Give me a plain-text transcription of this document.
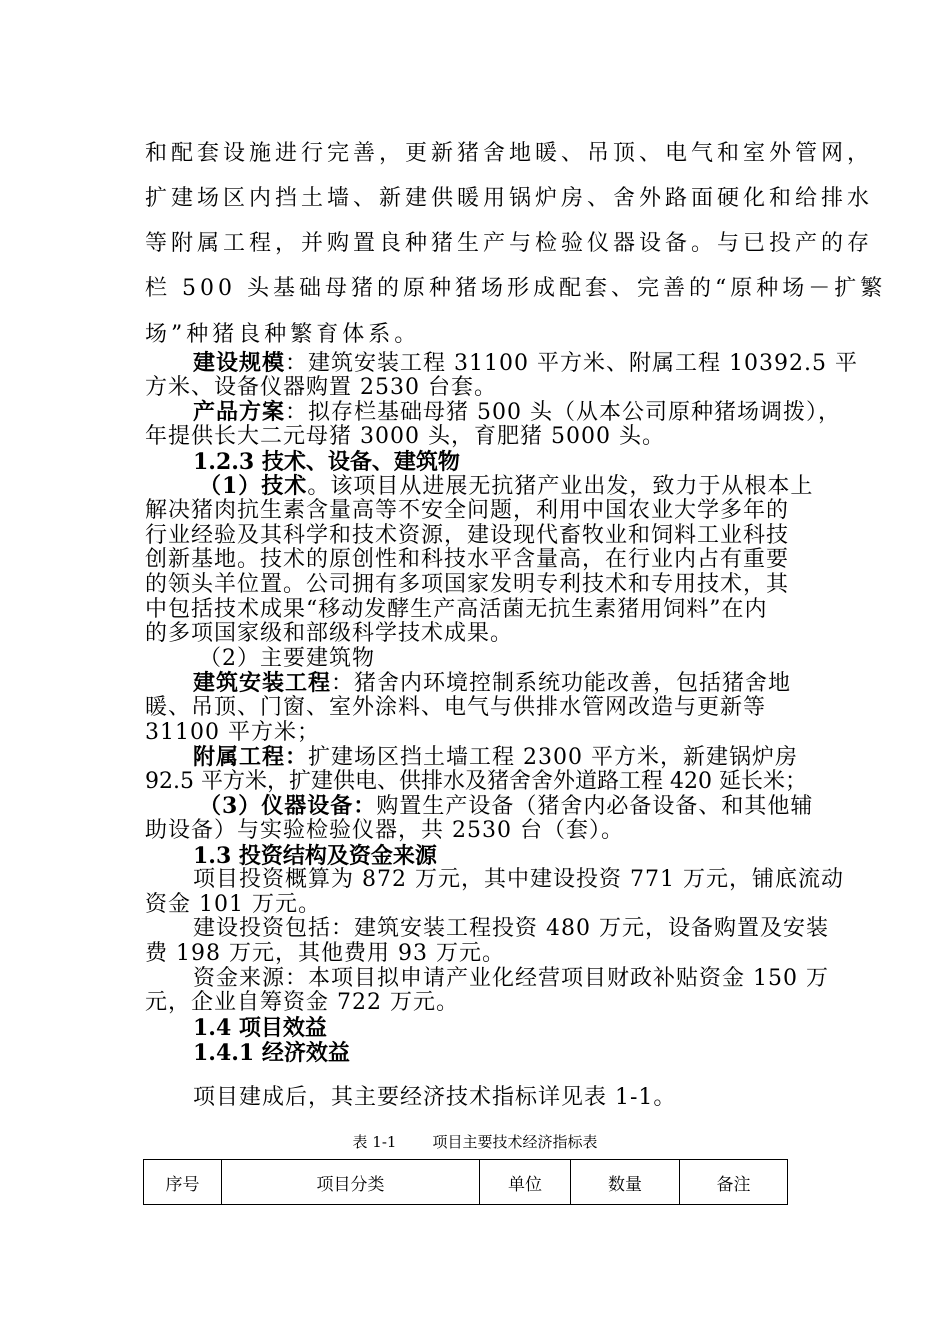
和配套设施进行完善，更新猪舍地暖、吊顶、电气和室外管网，
扩建场区内挡土墙、新建供暖用锅炉房、舍外路面硬化和给排水
等附属工程，并购置良种猪生产与检验仪器设备。与已投产的存
栏 500 头基础母猪的原种猪场形成配套、完善的“原种场－扩繁
场”种猪良种繁育体系。
建设规模：建筑安装工程 31100 平方米、附属工程 10392.5 平
方米、设备仪器购置 2530 台套。
产品方案：拟存栏基础母猪 500 头（从本公司原种猪场调拨），
年提供长大二元母猪 3000 头，育肥猪 5000 头。
1.2.3 技术、设备、建筑物
（1）技术。该项目从进展无抗猪产业出发，致力于从根本上
解决猪肉抗生素含量高等不安全问题，利用中国农业大学多年的
行业经验及其科学和技术资源，建设现代畜牧业和饲料工业科技
创新基地。技术的原创性和科技水平含量高，在行业内占有重要
的领头羊位置。公司拥有多项国家发明专利技术和专用技术，其
中包括技术成果“移动发酵生产高活菌无抗生素猪用饲料”在内
的多项国家级和部级科学技术成果。
（2）主要建筑物
建筑安装工程：猪舍内环境控制系统功能改善，包括猪舍地
暖、吊顶、门窗、室外涂料、电气与供排水管网改造与更新等
31100 平方米；
附属工程：扩建场区挡土墙工程 2300 平方米，新建锅炉房
92.5 平方米，扩建供电、供排水及猪舍舍外道路工程 420 延长米；
（3）仪器设备：购置生产设备（猪舍内必备设备、和其他辅
助设备）与实验检验仪器，共 2530 台（套）。
1.3 投资结构及资金来源
项目投资概算为 872 万元，其中建设投资 771 万元，铺底流动
资金 101 万元。
建设投资包括：建筑安装工程投资 480 万元，设备购置及安装
费 198 万元，其他费用 93 万元。
资金来源：本项目拟申请产业化经营项目财政补贴资金 150 万
元，企业自筹资金 722 万元。
1.4 项目效益
1.4.1 经济效益
项目建成后，其主要经济技术指标详见表 1-1。
表 1-1 项目主要技术经济指标表
序号	项目分类	单位	数量	备注
